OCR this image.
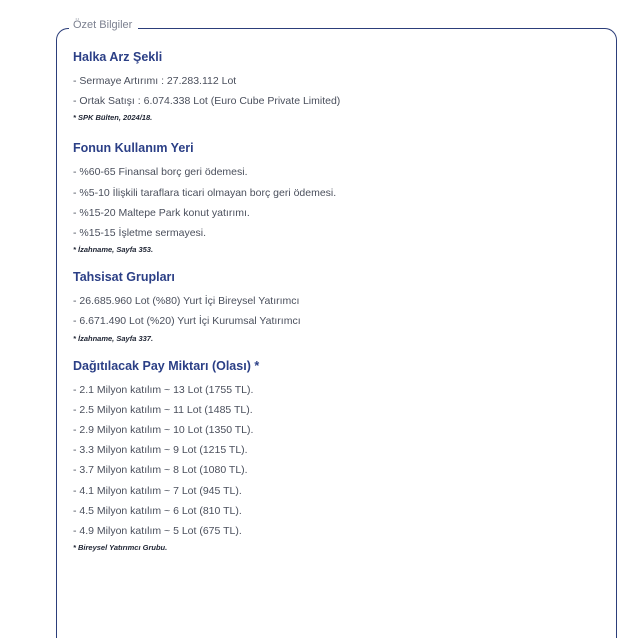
Özet Bilgiler
Halka Arz Şekli
- Sermaye Artırımı : 27.283.112 Lot
- Ortak Satışı : 6.074.338 Lot (Euro Cube Private Limited)
* SPK Bülten, 2024/18.
Fonun Kullanım Yeri
- %60-65 Finansal borç geri ödemesi.
- %5-10 İlişkili taraflara ticari olmayan borç geri ödemesi.
- %15-20 Maltepe Park konut yatırımı.
- %15-15 İşletme sermayesi.
* İzahname, Sayfa 353.
Tahsisat Grupları
- 26.685.960 Lot (%80) Yurt İçi Bireysel Yatırımcı
- 6.671.490 Lot (%20) Yurt İçi Kurumsal Yatırımcı
* İzahname, Sayfa 337.
Dağıtılacak Pay Miktarı (Olası) *
- 2.1 Milyon katılım ~ 13 Lot (1755 TL).
- 2.5 Milyon katılım ~ 11 Lot (1485 TL).
- 2.9 Milyon katılım ~ 10 Lot (1350 TL).
- 3.3 Milyon katılım ~ 9 Lot (1215 TL).
- 3.7 Milyon katılım ~ 8 Lot (1080 TL).
- 4.1 Milyon katılım ~ 7 Lot (945 TL).
- 4.5 Milyon katılım ~ 6 Lot (810 TL).
- 4.9 Milyon katılım ~ 5 Lot (675 TL).
* Bireysel Yatırımcı Grubu.
